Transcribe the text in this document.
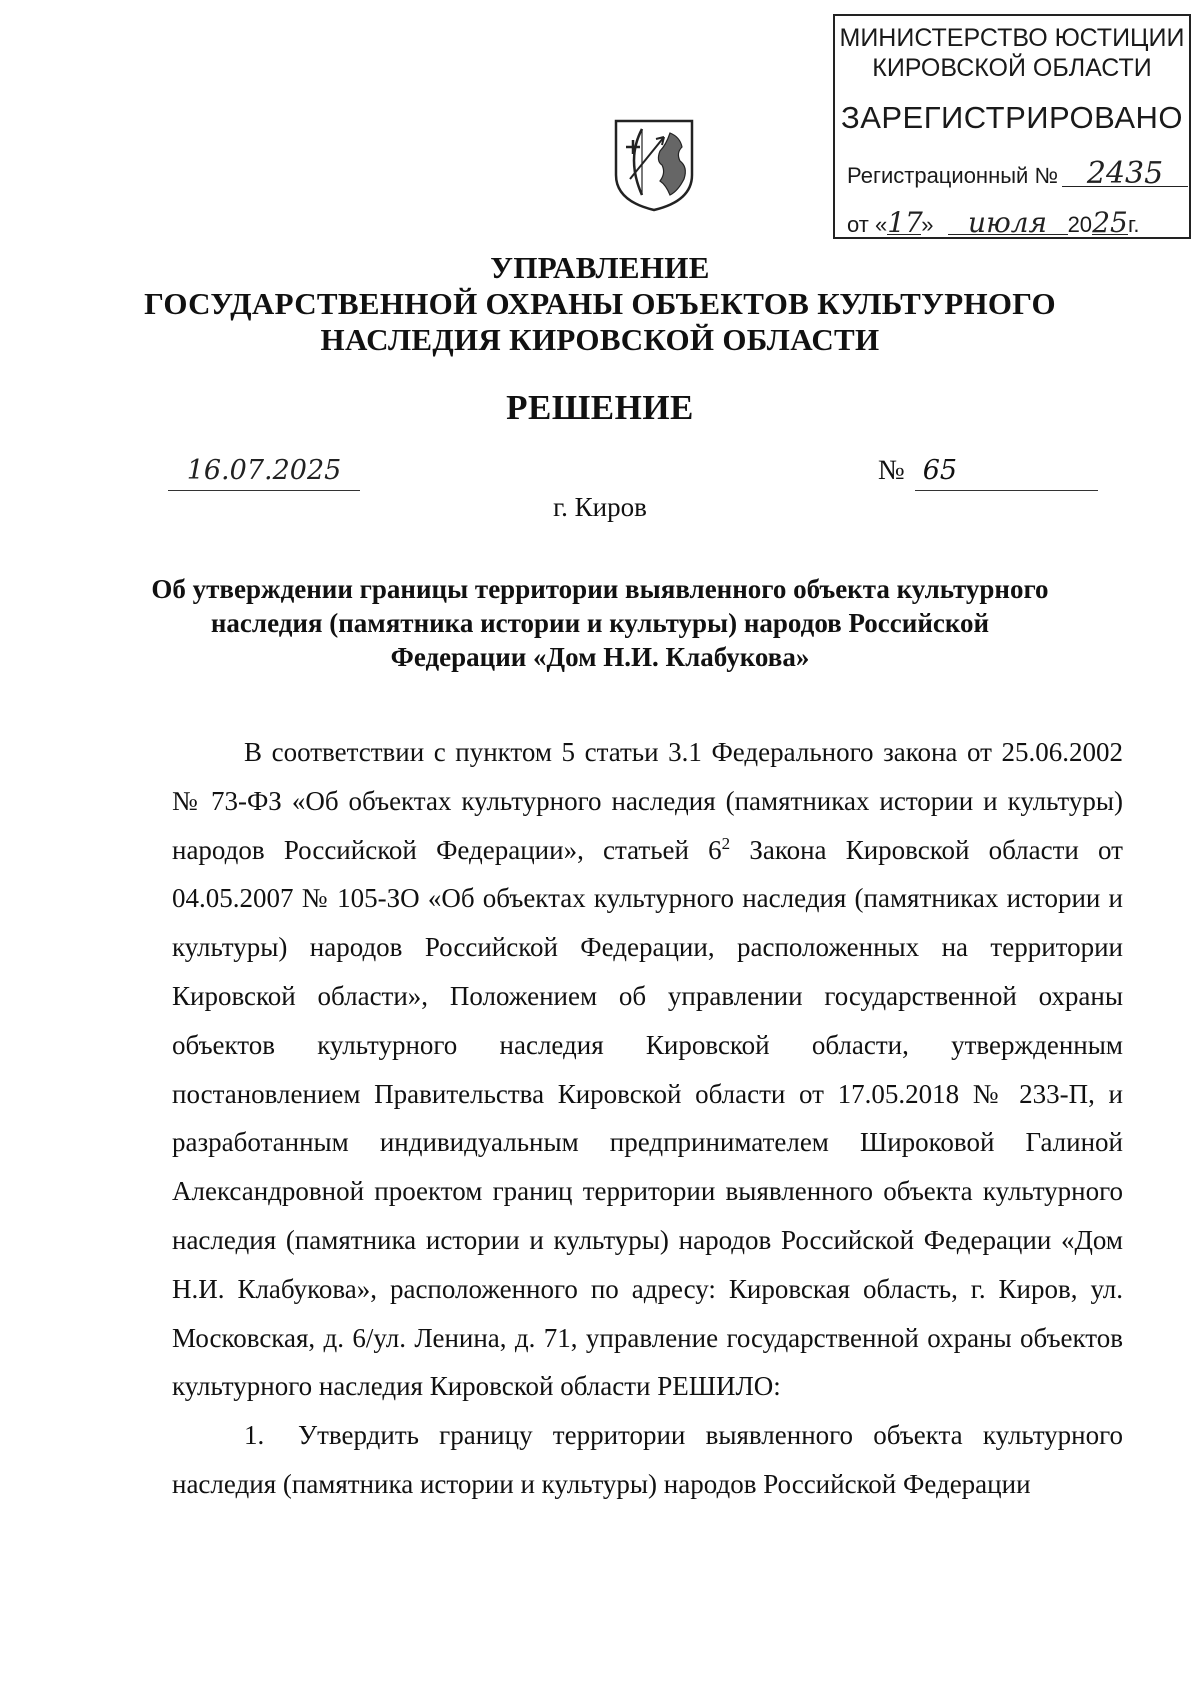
МИНИСТЕРСТВО ЮСТИЦИИ
КИРОВСКОЙ ОБЛАСТИ
ЗАРЕГИСТРИРОВАНО
Регистрационный № 2435
от «17» июля 2025г.
УПРАВЛЕНИЕ
ГОСУДАРСТВЕННОЙ ОХРАНЫ ОБЪЕКТОВ КУЛЬТУРНОГО
НАСЛЕДИЯ КИРОВСКОЙ ОБЛАСТИ
РЕШЕНИЕ
16.07.2025	№ 65
г. Киров
Об утверждении границы территории выявленного объекта культурного
наследия (памятника истории и культуры) народов Российской
Федерации «Дом Н.И. Клабукова»

В соответствии с пунктом 5 статьи 3.1 Федерального закона от 25.06.2002 № 73-ФЗ «Об объектах культурного наследия (памятниках истории и культуры) народов Российской Федерации», статьей $6^2$ Закона Кировской области от 04.05.2007 № 105-ЗО «Об объектах культурного наследия (памятниках истории и культуры) народов Российской Федерации, расположенных на территории Кировской области», Положением об управлении государственной охраны объектов культурного наследия Кировской области, утвержденным постановлением Правительства Кировской области от 17.05.2018 № 233-П, и разработанным индивидуальным предпринимателем Широковой Галиной Александровной проектом границ территории выявленного объекта культурного наследия (памятника истории и культуры) народов Российской Федерации «Дом Н.И. Клабукова», расположенного по адресу: Кировская область, г. Киров, ул. Московская, д. 6/ул. Ленина, д. 71, управление государственной охраны объектов культурного наследия Кировской области РЕШИЛО:

1. Утвердить границу территории выявленного объекта культурного наследия (памятника истории и культуры) народов Российской Федерации
